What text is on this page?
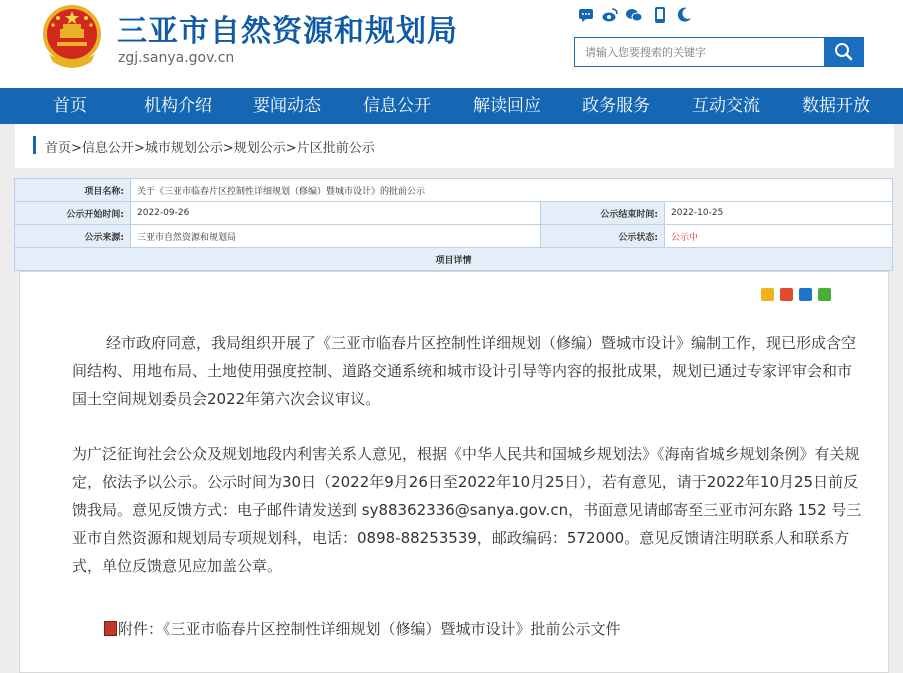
三亚市自然资源和规划局
zgj.sanya.gov.cn
请输入您要搜索的关键字
首页	机构介绍	要闻动态	信息公开	解读回应	政务服务	互动交流	数据开放
首页>信息公开>城市规划公示>规划公示>片区批前公示
项目名称:	关于《三亚市临春片区控制性详细规划（修编）暨城市设计》的批前公示		
公示开始时间:	2022-09-26	公示结束时间:	2022-10-25
公示来源:	三亚市自然资源和规划局	公示状态:	公示中
项目详情			
经市政府同意，我局组织开展了《三亚市临春片区控制性详细规划（修编）暨城市设计》编制工作，现已形成含空间结构、用地布局、土地使用强度控制、道路交通系统和城市设计引导等内容的报批成果，规划已通过专家评审会和市国土空间规划委员会2022年第六次会议审议。
为广泛征询社会公众及规划地段内利害关系人意见，根据《中华人民共和国城乡规划法》《海南省城乡规划条例》有关规定，依法予以公示。公示时间为30日（2022年9月26日至2022年10月25日），若有意见，请于2022年10月25日前反馈我局。意见反馈方式：电子邮件请发送到 sy88362336@sanya.gov.cn，书面意见请邮寄至三亚市河东路 152 号三亚市自然资源和规划局专项规划科，电话：0898-88253539，邮政编码：572000。意见反馈请注明联系人和联系方式，单位反馈意见应加盖公章。
附件：《三亚市临春片区控制性详细规划（修编）暨城市设计》批前公示文件
